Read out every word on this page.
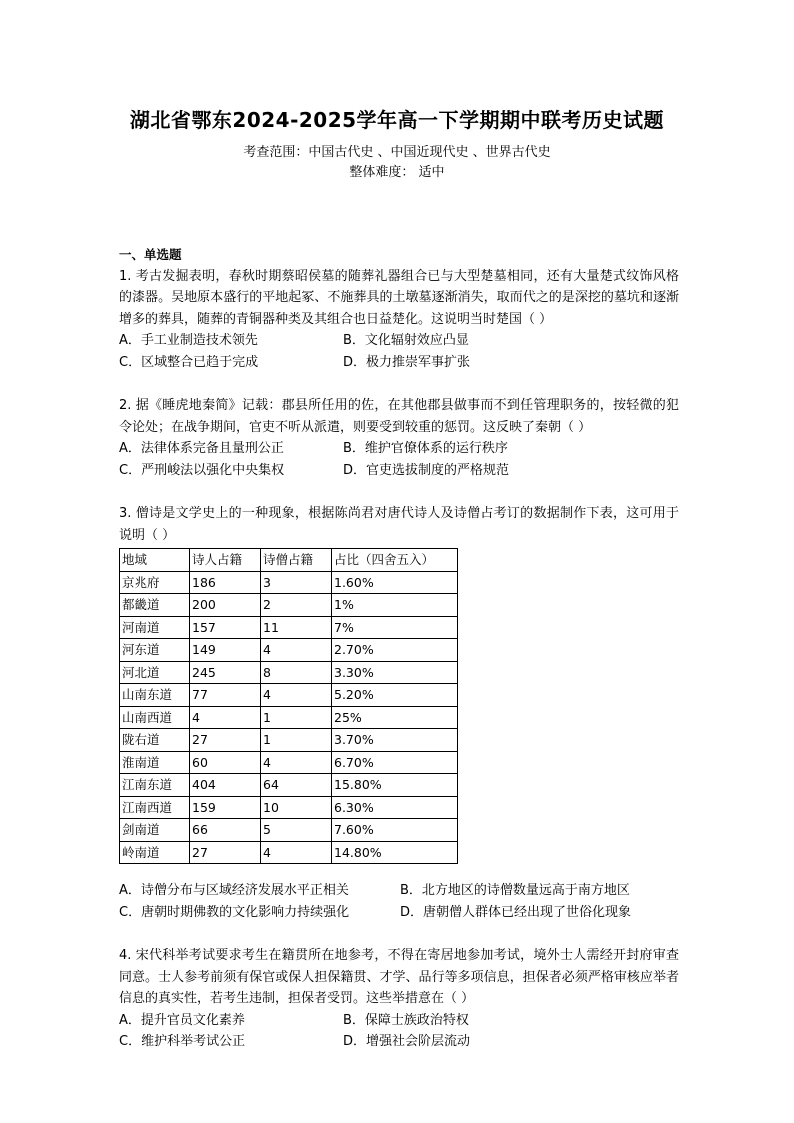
湖北省鄂东2024-2025学年高一下学期期中联考历史试题
考查范围：中国古代史 、中国近现代史 、世界古代史
整体难度： 适中

一、单选题

1. 考古发掘表明，春秋时期蔡昭侯墓的随葬礼器组合已与大型楚墓相同，还有大量楚式纹饰风格的漆器。吴地原本盛行的平地起冢、不施葬具的土墩墓逐渐消失，取而代之的是深挖的墓坑和逐渐增多的葬具，随葬的青铜器种类及其组合也日益楚化。这说明当时楚国（ ）

A．手工业制造技术领先	B．文化辐射效应凸显
C．区域整合已趋于完成	D．极力推崇军事扩张

2. 据《睡虎地秦简》记载：郡县所任用的佐，在其他郡县做事而不到任管理职务的，按轻微的犯令论处；在战争期间，官吏不听从派遣，则要受到较重的惩罚。这反映了秦朝（ ）

A．法律体系完备且量刑公正	B．维护官僚体系的运行秩序
C．严刑峻法以强化中央集权	D．官吏选拔制度的严格规范

3. 僧诗是文学史上的一种现象，根据陈尚君对唐代诗人及诗僧占考订的数据制作下表，这可用于说明（ ）

地域	诗人占籍	诗僧占籍	占比（四舍五入）
京兆府	186	3	1.60%
都畿道	200	2	1%
河南道	157	11	7%
河东道	149	4	2.70%
河北道	245	8	3.30%
山南东道	77	4	5.20%
山南西道	4	1	25%
陇右道	27	1	3.70%
淮南道	60	4	6.70%
江南东道	404	64	15.80%
江南西道	159	10	6.30%
剑南道	66	5	7.60%
岭南道	27	4	14.80%
A．诗僧分布与区域经济发展水平正相关	B．北方地区的诗僧数量远高于南方地区
C．唐朝时期佛教的文化影响力持续强化	D．唐朝僧人群体已经出现了世俗化现象

4. 宋代科举考试要求考生在籍贯所在地参考，不得在寄居地参加考试，境外士人需经开封府审查同意。士人参考前须有保官或保人担保籍贯、才学、品行等多项信息，担保者必须严格审核应举者信息的真实性，若考生违制，担保者受罚。这些举措意在（ ）

A．提升官员文化素养	B．保障士族政治特权
C．维护科举考试公正	D．增强社会阶层流动
